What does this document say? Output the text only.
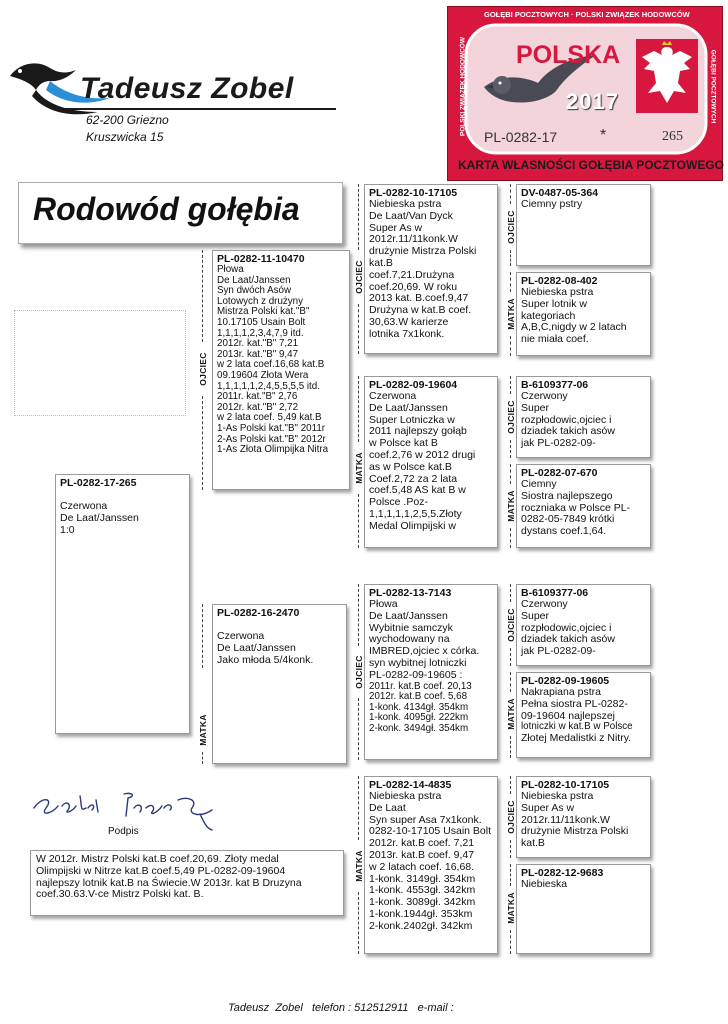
Tadeusz Zobel
62-200 Griezno
Kruszwicka 15
GOŁĘBI POCZTOWYCH · POLSKI ZWIĄZEK HODOWCÓW
POLSKI ZWIĄZEK HODOWCÓW	GOŁĘBI POCZTOWYCH
POLSKA
2017
PL-0282-17	*	265
KARTA WŁASNOŚCI GOŁĘBIA POCZTOWEGO
Rodowód gołębia
PL-0282-17-265
Czerwona
De Laat/Janssen
1:0
OJCIEC
PL-0282-11-10470
Płowa
De Laat/Janssen
Syn dwóch Asów
Lotowych z drużyny
Mistrza Polski kat."B"
10.17105 Usain Bolt
1,1,1,1,2,3,4,7,9 itd.
2012r. kat."B" 7,21
2013r. kat."B" 9,47
w 2 lata coef.16,68 kat.B
09.19604 Złota Wera
1,1,1,1,1,2,4,5,5,5,5 itd.
2011r. kat."B" 2,76
2012r. kat."B" 2,72
w 2 lata coef. 5,49 kat.B
1-As Polski kat."B" 2011r
2-As Polski kat."B" 2012r
1-As Złota Olimpijka Nitra
MATKA
PL-0282-16-2470
Czerwona
De Laat/Janssen
Jako młoda 5/4konk.
OJCIEC
PL-0282-10-17105
Niebieska pstra
De Laat/Van Dyck
Super As w
2012r.11/11konk.W
drużynie Mistrza Polski
kat.B
coef.7,21.Drużyna
coef.20,69. W roku
2013 kat. B.coef.9,47
Drużyna w kat.B coef.
30,63.W karierze
lotnika 7x1konk.
MATKA
PL-0282-09-19604
Czerwona
De Laat/Janssen
Super Lotniczka w
2011 najlepszy gołąb
w Polsce kat B
coef.2,76 w 2012 drugi
as w Polsce kat.B
Coef.2,72 za 2 lata
coef.5,48 AS kat B w
Polsce .Poz-
1,1,1,1,1,2,5,5.Złoty
Medal Olimpijski w
OJCIEC
PL-0282-13-7143
Płowa
De Laat/Janssen
Wybitnie samczyk
wychodowany na
IMBRED,ojciec x córka.
syn wybitnej lotniczki
PL-0282-09-19605 :
2011r. kat.B coef. 20,13
2012r. kat.B coef. 5,68
1-konk. 4134gł. 354km
1-konk. 4095gł. 222km
2-konk. 3494gł. 354km
MATKA
PL-0282-14-4835
Niebieska pstra
De Laat
Syn super Asa 7x1konk.
0282-10-17105 Usain Bolt
2012r. kat.B coef. 7,21
2013r. kat.B coef. 9,47
w 2 latach coef. 16,68.
1-konk. 3149gł. 354km
1-konk. 4553gł. 342km
1-konk. 3089gł. 342km
1-konk.1944gł. 353km
2-konk.2402gł. 342km
OJCIEC
DV-0487-05-364
Ciemny pstry
MATKA
PL-0282-08-402
Niebieska pstra
Super lotnik w
kategoriach
A,B,C,nigdy w 2 latach
nie miała coef.
OJCIEC
B-6109377-06
Czerwony
Super
rozpłodowic,ojciec i
dziadek takich asów
jak PL-0282-09-
MATKA
PL-0282-07-670
Ciemny
Siostra najlepszego
roczniaka w Polsce PL-
0282-05-7849 krótki
dystans coef.1,64.
OJCIEC
B-6109377-06
Czerwony
Super
rozpłodowic,ojciec i
dziadek takich asów
jak PL-0282-09-
MATKA
PL-0282-09-19605
Nakrapiana pstra
Pełna siostra PL-0282-
09-19604 najlepszej
lotniczki w kat.B w Polsce
Złotej Medalistki z Nitry.
OJCIEC
PL-0282-10-17105
Niebieska pstra
Super As w
2012r.11/11konk.W
drużynie Mistrza Polski
kat.B
MATKA
PL-0282-12-9683
Niebieska
Podpis
W 2012r. Mistrz Polski kat.B coef.20,69. Złoty medal
Olimpijski w Nitrze kat.B coef.5,49 PL-0282-09-19604
najlepszy lotnik kat.B na Świecie.W 2013r. kat B Druzyna
coef.30.63.V-ce Mistrz Polski kat. B.
Tadeusz  Zobel   telefon : 512512911   e-mail :
